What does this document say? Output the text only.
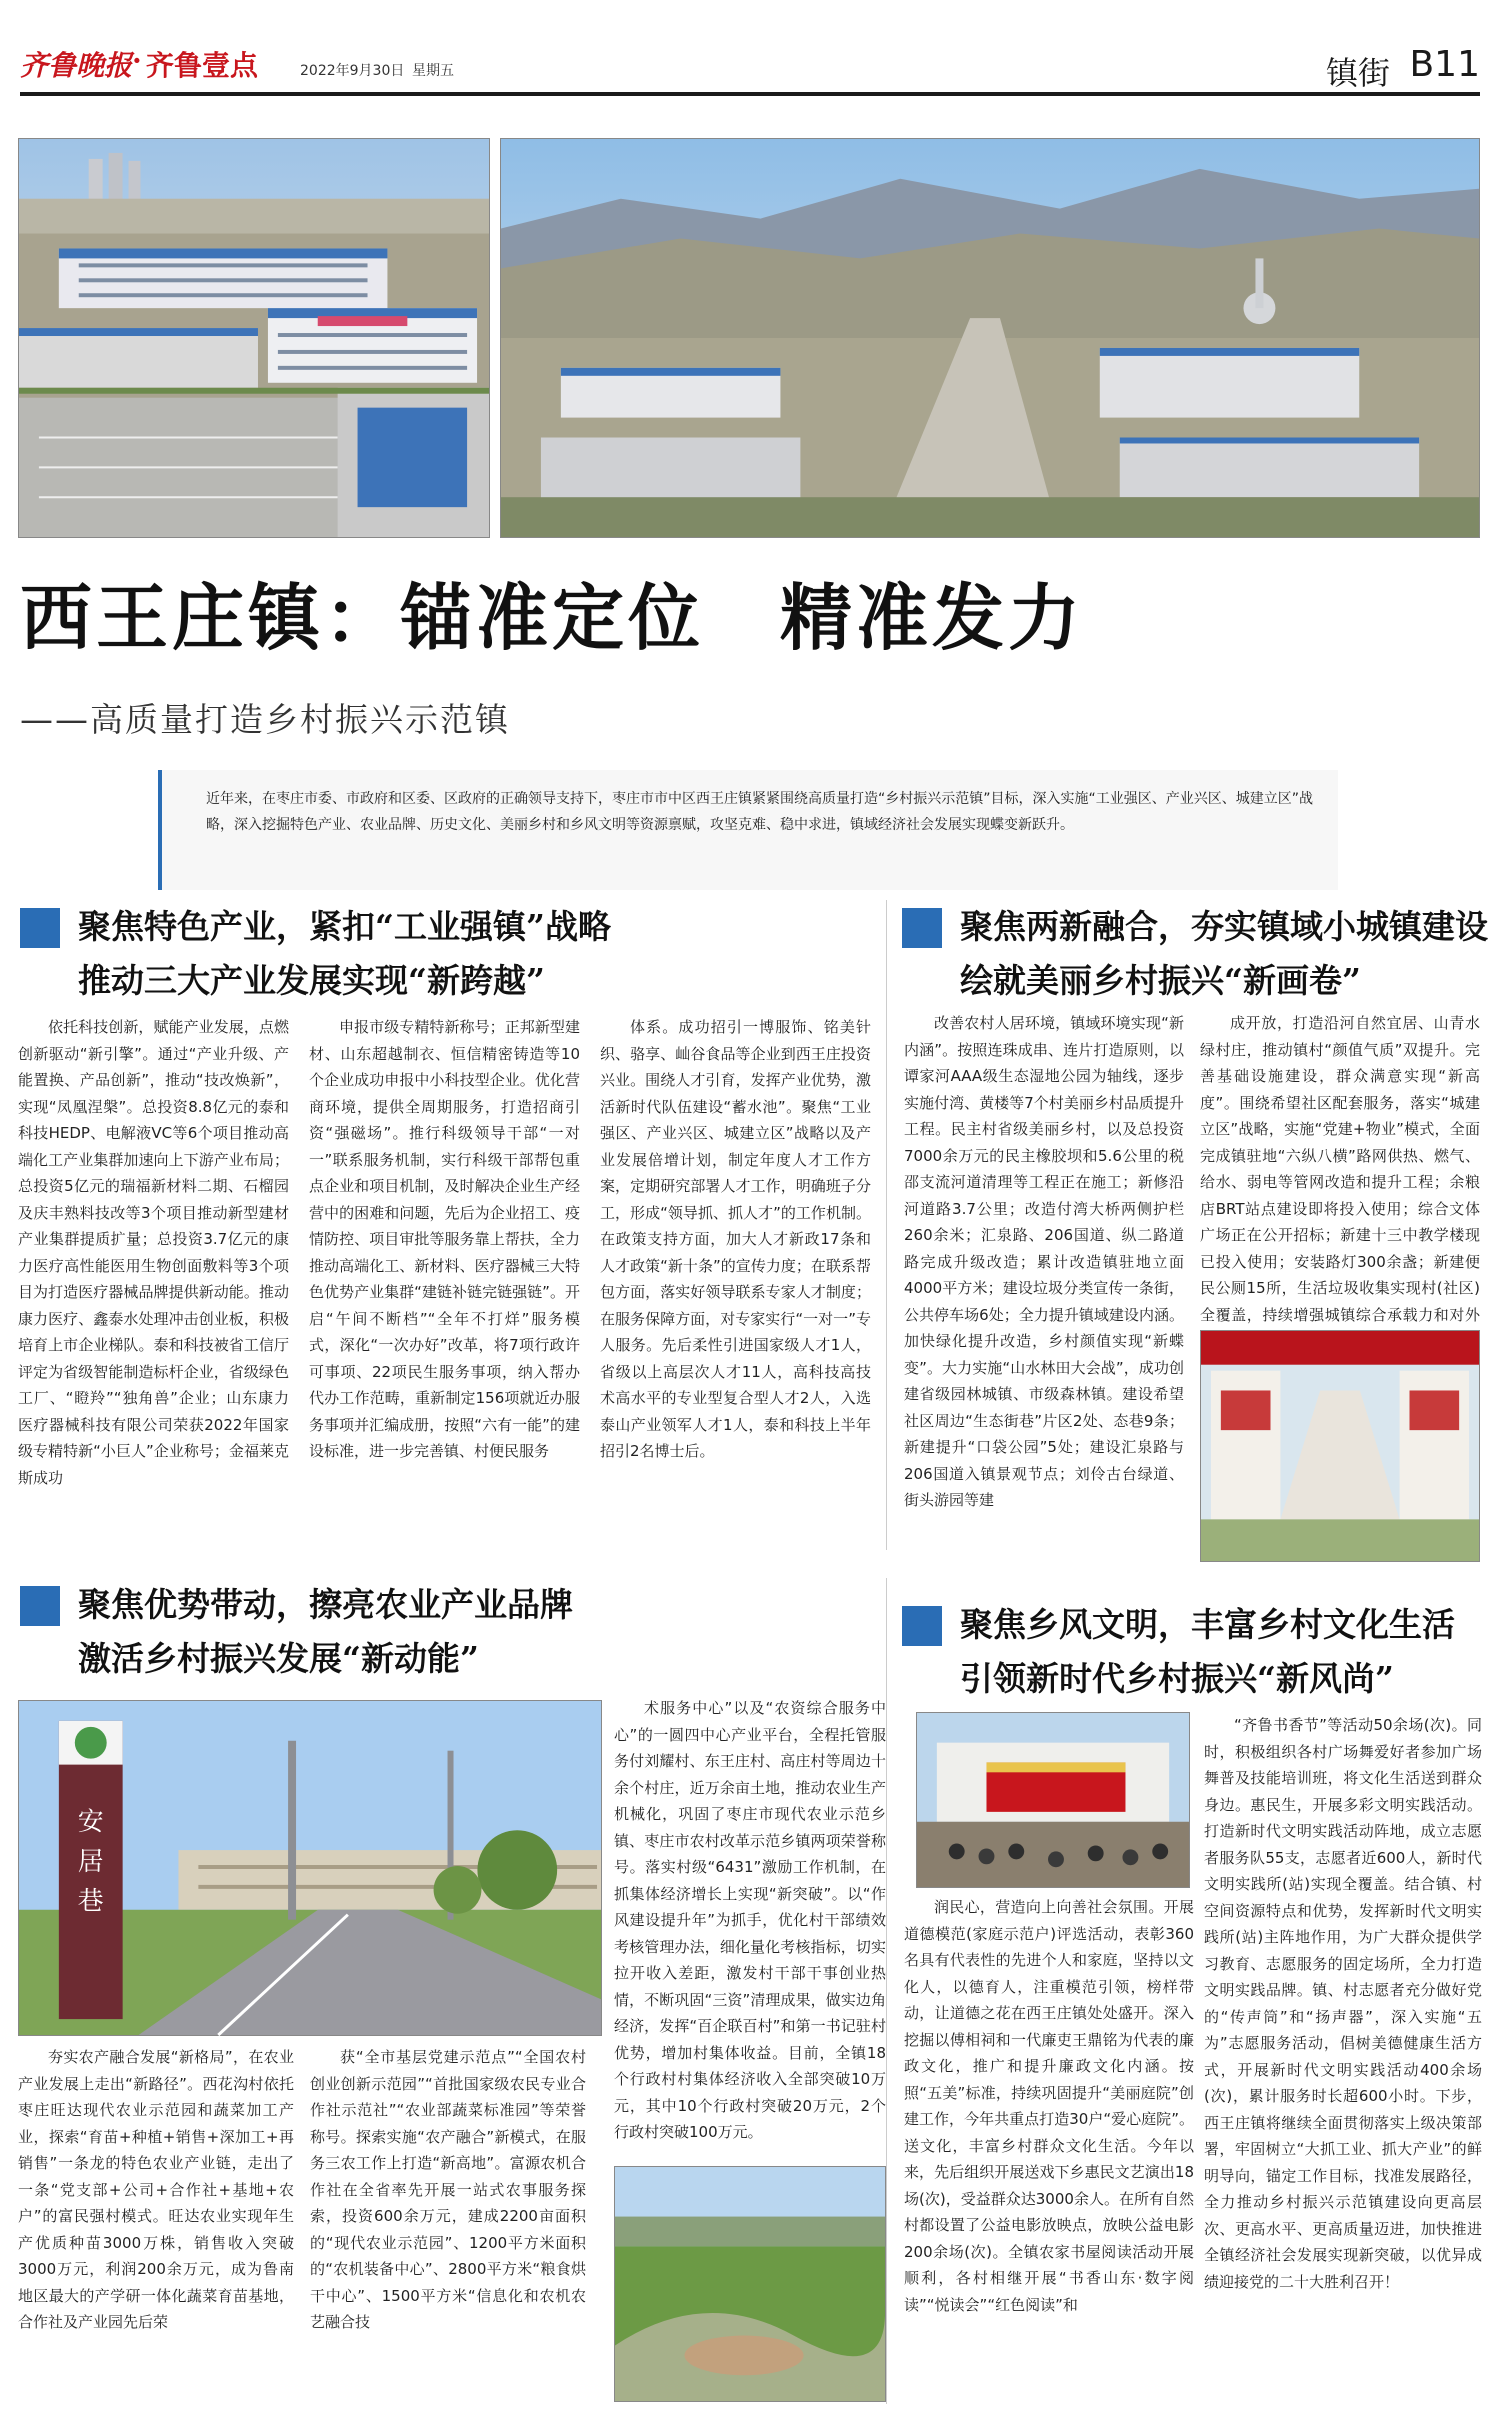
齐鲁晚报 · 齐鲁壹点	2022年9月30日 星期五	镇街 B11
西王庄镇：锚准定位　精准发力
——高质量打造乡村振兴示范镇
近年来，在枣庄市委、市政府和区委、区政府的正确领导支持下，枣庄市市中区西王庄镇紧紧围绕高质量打造“乡村振兴示范镇”目标，深入实施“工业强区、产业兴区、城建立区”战略，深入挖掘特色产业、农业品牌、历史文化、美丽乡村和乡风文明等资源禀赋，攻坚克难、稳中求进，镇域经济社会发展实现蝶变新跃升。
聚焦特色产业，紧扣“工业强镇”战略
推动三大产业发展实现“新跨越”

依托科技创新，赋能产业发展，点燃创新驱动“新引擎”。通过“产业升级、产能置换、产品创新”，推动“技改焕新”，实现“凤凰涅槃”。总投资8.8亿元的泰和科技HEDP、电解液VC等6个项目推动高端化工产业集群加速向上下游产业布局；总投资5亿元的瑞福新材料二期、石榴园及庆丰熟料技改等3个项目推动新型建材产业集群提质扩量；总投资3.7亿元的康力医疗高性能医用生物创面敷料等3个项目为打造医疗器械品牌提供新动能。推动康力医疗、鑫泰水处理冲击创业板，积极培育上市企业梯队。泰和科技被省工信厅评定为省级智能制造标杆企业，省级绿色工厂、“瞪羚”“独角兽”企业；山东康力医疗器械科技有限公司荣获2022年国家级专精特新“小巨人”企业称号；金福莱克斯成功

申报市级专精特新称号；正邦新型建材、山东超越制衣、恒信精密铸造等10个企业成功申报中小科技型企业。优化营商环境，提供全周期服务，打造招商引资“强磁场”。推行科级领导干部“一对一”联系服务机制，实行科级干部帮包重点企业和项目机制，及时解决企业生产经营中的困难和问题，先后为企业招工、疫情防控、项目审批等服务靠上帮扶，全力推动高端化工、新材料、医疗器械三大特色优势产业集群“建链补链完链强链”。开启“午间不断档”“全年不打烊”服务模式，深化“一次办好”改革，将7项行政许可事项、22项民生服务事项，纳入帮办代办工作范畴，重新制定156项就近办服务事项并汇编成册，按照“六有一能”的建设标准，进一步完善镇、村便民服务

体系。成功招引一博服饰、铭美针织、骆享、屾谷食品等企业到西王庄投资兴业。围绕人才引育，发挥产业优势，激活新时代队伍建设“蓄水池”。聚焦“工业强区、产业兴区、城建立区”战略以及产业发展倍增计划，制定年度人才工作方案，定期研究部署人才工作，明确班子分工，形成“领导抓、抓人才”的工作机制。在政策支持方面，加大人才新政17条和人才政策“新十条”的宣传力度；在联系帮包方面，落实好领导联系专家人才制度；在服务保障方面，对专家实行“一对一”专人服务。先后柔性引进国家级人才1人，省级以上高层次人才11人，高科技高技术高水平的专业型复合型人才2人，入选泰山产业领军人才1人，泰和科技上半年招引2名博士后。

聚焦两新融合，夯实镇域小城镇建设
绘就美丽乡村振兴“新画卷”

改善农村人居环境，镇域环境实现“新内涵”。按照连珠成串、连片打造原则，以谭家河AAA级生态湿地公园为轴线，逐步实施付湾、黄楼等7个村美丽乡村品质提升工程。民主村省级美丽乡村，以及总投资7000余万元的民主橡胶坝和5.6公里的税邵支流河道清理等工程正在施工；新修沿河道路3.7公里；改造付湾大桥两侧护栏260余米；汇泉路、206国道、纵二路道路完成升级改造；累计改造镇驻地立面4000平方米；建设垃圾分类宣传一条街，公共停车场6处；全力提升镇域建设内涵。加快绿化提升改造，乡村颜值实现“新蝶变”。大力实施“山水林田大会战”，成功创建省级园林城镇、市级森林镇。建设希望社区周边“生态街巷”片区2处、态巷9条；新建提升“口袋公园”5处；建设汇泉路与206国道入镇景观节点；刘伶古台绿道、街头游园等建

成开放，打造沿河自然宜居、山青水绿村庄，推动镇村“颜值气质”双提升。完善基础设施建设，群众满意实现“新高度”。围绕希望社区配套服务，落实“城建立区”战略，实施“党建+物业”模式，全面完成镇驻地“六纵八横”路网供热、燃气、给水、弱电等管网改造和提升工程；余粮店BRT站点建设即将投入使用；综合文体广场正在公开招标；新建十三中教学楼现已投入使用；安装路灯300余盏；新建便民公厕15所，生活垃圾收集实现村(社区)全覆盖，持续增强城镇综合承载力和对外

聚焦优势带动，擦亮农业产业品牌
激活乡村振兴发展“新动能”
安
居
巷

术服务中心”以及“农资综合服务中心”的一圆四中心产业平台，全程托管服务付刘耀村、东王庄村、高庄村等周边十余个村庄，近万余亩土地，推动农业生产机械化，巩固了枣庄市现代农业示范乡镇、枣庄市农村改革示范乡镇两项荣誉称号。落实村级“6431”激励工作机制，在抓集体经济增长上实现“新突破”。以“作风建设提升年”为抓手，优化村干部绩效考核管理办法，细化量化考核指标，切实拉开收入差距，激发村干部干事创业热情，不断巩固“三资”清理成果，做实边角经济，发挥“百企联百村”和第一书记驻村优势，增加村集体收益。目前，全镇18个行政村村集体经济收入全部突破10万元，其中10个行政村突破20万元，2个行政村突破100万元。

夯实农产融合发展“新格局”，在农业产业发展上走出“新路径”。西花沟村依托枣庄旺达现代农业示范园和蔬菜加工产业，探索“育苗+种植+销售+深加工+再销售”一条龙的特色农业产业链，走出了一条“党支部+公司+合作社+基地+农户”的富民强村模式。旺达农业实现年生产优质种苗3000万株，销售收入突破3000万元，利润200余万元，成为鲁南地区最大的产学研一体化蔬菜育苗基地，合作社及产业园先后荣

获“全市基层党建示范点”“全国农村创业创新示范园”“首批国家级农民专业合作社示范社”“农业部蔬菜标准园”等荣誉称号。探索实施“农产融合”新模式，在服务三农工作上打造“新高地”。富源农机合作社在全省率先开展一站式农事服务探索，投资600余万元，建成2200亩面积的“现代农业示范园”、1200平方米面积的“农机装备中心”、2800平方米“粮食烘干中心”、1500平方米“信息化和农机农艺融合技

聚焦乡风文明，丰富乡村文化生活
引领新时代乡村振兴“新风尚”

润民心，营造向上向善社会氛围。开展道德模范(家庭示范户)评选活动，表彰360名具有代表性的先进个人和家庭，坚持以文化人，以德育人，注重模范引领，榜样带动，让道德之花在西王庄镇处处盛开。深入挖掘以傅相祠和一代廉吏王鼎铭为代表的廉政文化，推广和提升廉政文化内涵。按照“五美”标准，持续巩固提升“美丽庭院”创建工作，今年共重点打造30户“爱心庭院”。送文化，丰富乡村群众文化生活。今年以来，先后组织开展送戏下乡惠民文艺演出18场(次)，受益群众达3000余人。在所有自然村都设置了公益电影放映点，放映公益电影200余场(次)。全镇农家书屋阅读活动开展顺利，各村相继开展“书香山东·数字阅读”“悦读会”“红色阅读”和

“齐鲁书香节”等活动50余场(次)。同时，积极组织各村广场舞爱好者参加广场舞普及技能培训班，将文化生活送到群众身边。惠民生，开展多彩文明实践活动。打造新时代文明实践活动阵地，成立志愿者服务队55支，志愿者近600人，新时代文明实践所(站)实现全覆盖。结合镇、村空间资源特点和优势，发挥新时代文明实践所(站)主阵地作用，为广大群众提供学习教育、志愿服务的固定场所，全力打造文明实践品牌。镇、村志愿者充分做好党的“传声筒”和“扬声器”，深入实施“五为”志愿服务活动，倡树美德健康生活方式，开展新时代文明实践活动400余场(次)，累计服务时长超600小时。下步，西王庄镇将继续全面贯彻落实上级决策部署，牢固树立“大抓工业、抓大产业”的鲜明导向，锚定工作目标，找准发展路径，全力推动乡村振兴示范镇建设向更高层次、更高水平、更高质量迈进，加快推进全镇经济社会发展实现新突破，以优异成绩迎接党的二十大胜利召开！
